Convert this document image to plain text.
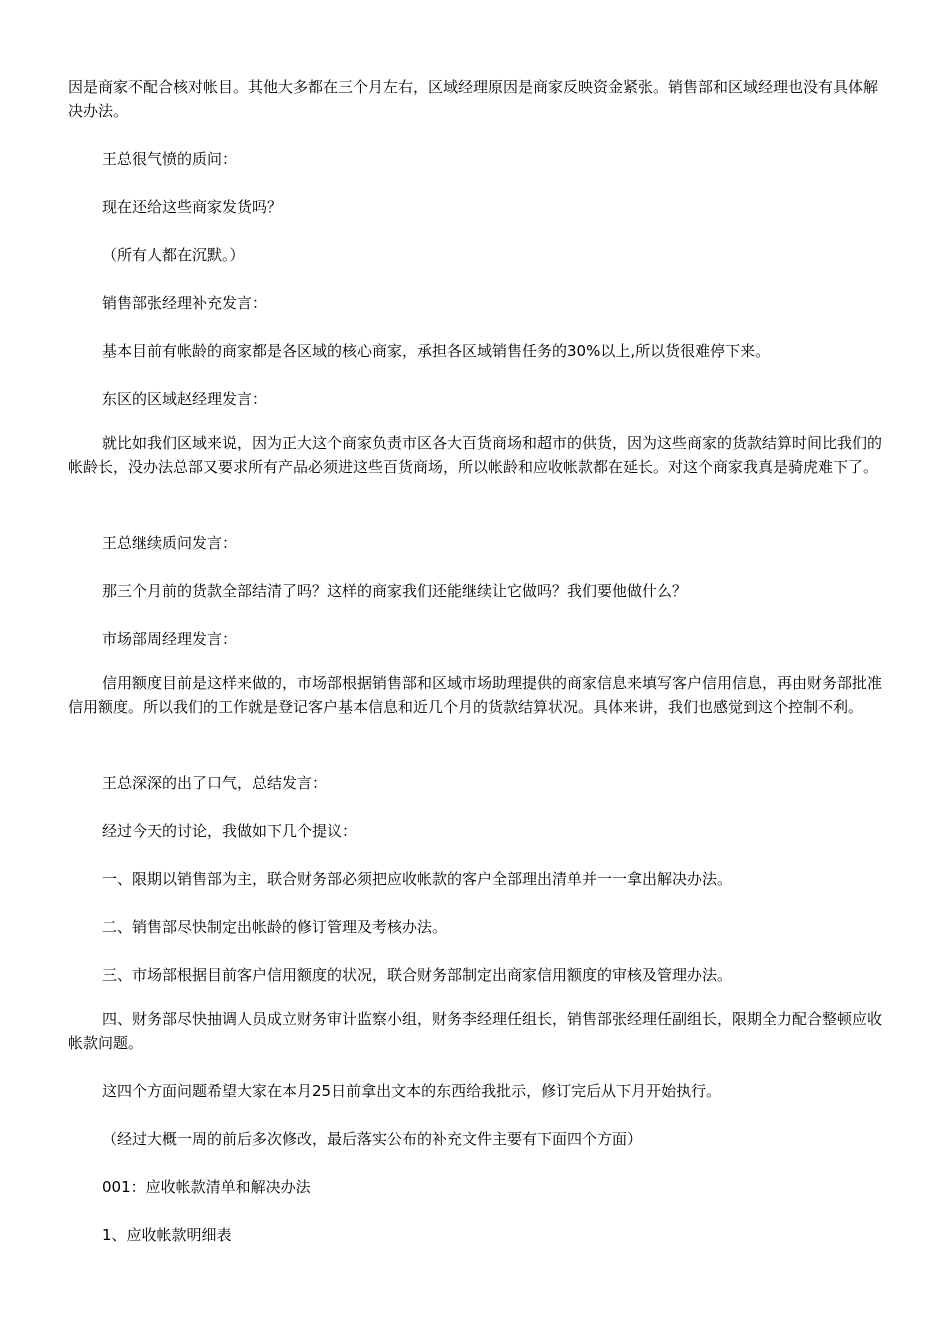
因是商家不配合核对帐目。其他大多都在三个月左右，区域经理原因是商家反映资金紧张。销售部和区域经理也没有具体解决办法。

王总很气愤的质问：

现在还给这些商家发货吗？

（所有人都在沉默。）

销售部张经理补充发言：

基本目前有帐龄的商家都是各区域的核心商家，承担各区域销售任务的30%以上,所以货很难停下来。

东区的区域赵经理发言：

就比如我们区域来说，因为正大这个商家负责市区各大百货商场和超市的供货，因为这些商家的货款结算时间比我们的帐龄长，没办法总部又要求所有产品必须进这些百货商场，所以帐龄和应收帐款都在延长。对这个商家我真是骑虎难下了。

王总继续质问发言：

那三个月前的货款全部结清了吗？这样的商家我们还能继续让它做吗？我们要他做什么？

市场部周经理发言：

信用额度目前是这样来做的，市场部根据销售部和区域市场助理提供的商家信息来填写客户信用信息，再由财务部批准信用额度。所以我们的工作就是登记客户基本信息和近几个月的货款结算状况。具体来讲，我们也感觉到这个控制不利。

王总深深的出了口气，总结发言：

经过今天的讨论，我做如下几个提议：

一、限期以销售部为主，联合财务部必须把应收帐款的客户全部理出清单并一一拿出解决办法。

二、销售部尽快制定出帐龄的修订管理及考核办法。

三、市场部根据目前客户信用额度的状况，联合财务部制定出商家信用额度的审核及管理办法。

四、财务部尽快抽调人员成立财务审计监察小组，财务李经理任组长，销售部张经理任副组长，限期全力配合整顿应收帐款问题。

这四个方面问题希望大家在本月25日前拿出文本的东西给我批示，修订完后从下月开始执行。

（经过大概一周的前后多次修改，最后落实公布的补充文件主要有下面四个方面）

001：应收帐款清单和解决办法

1、应收帐款明细表
